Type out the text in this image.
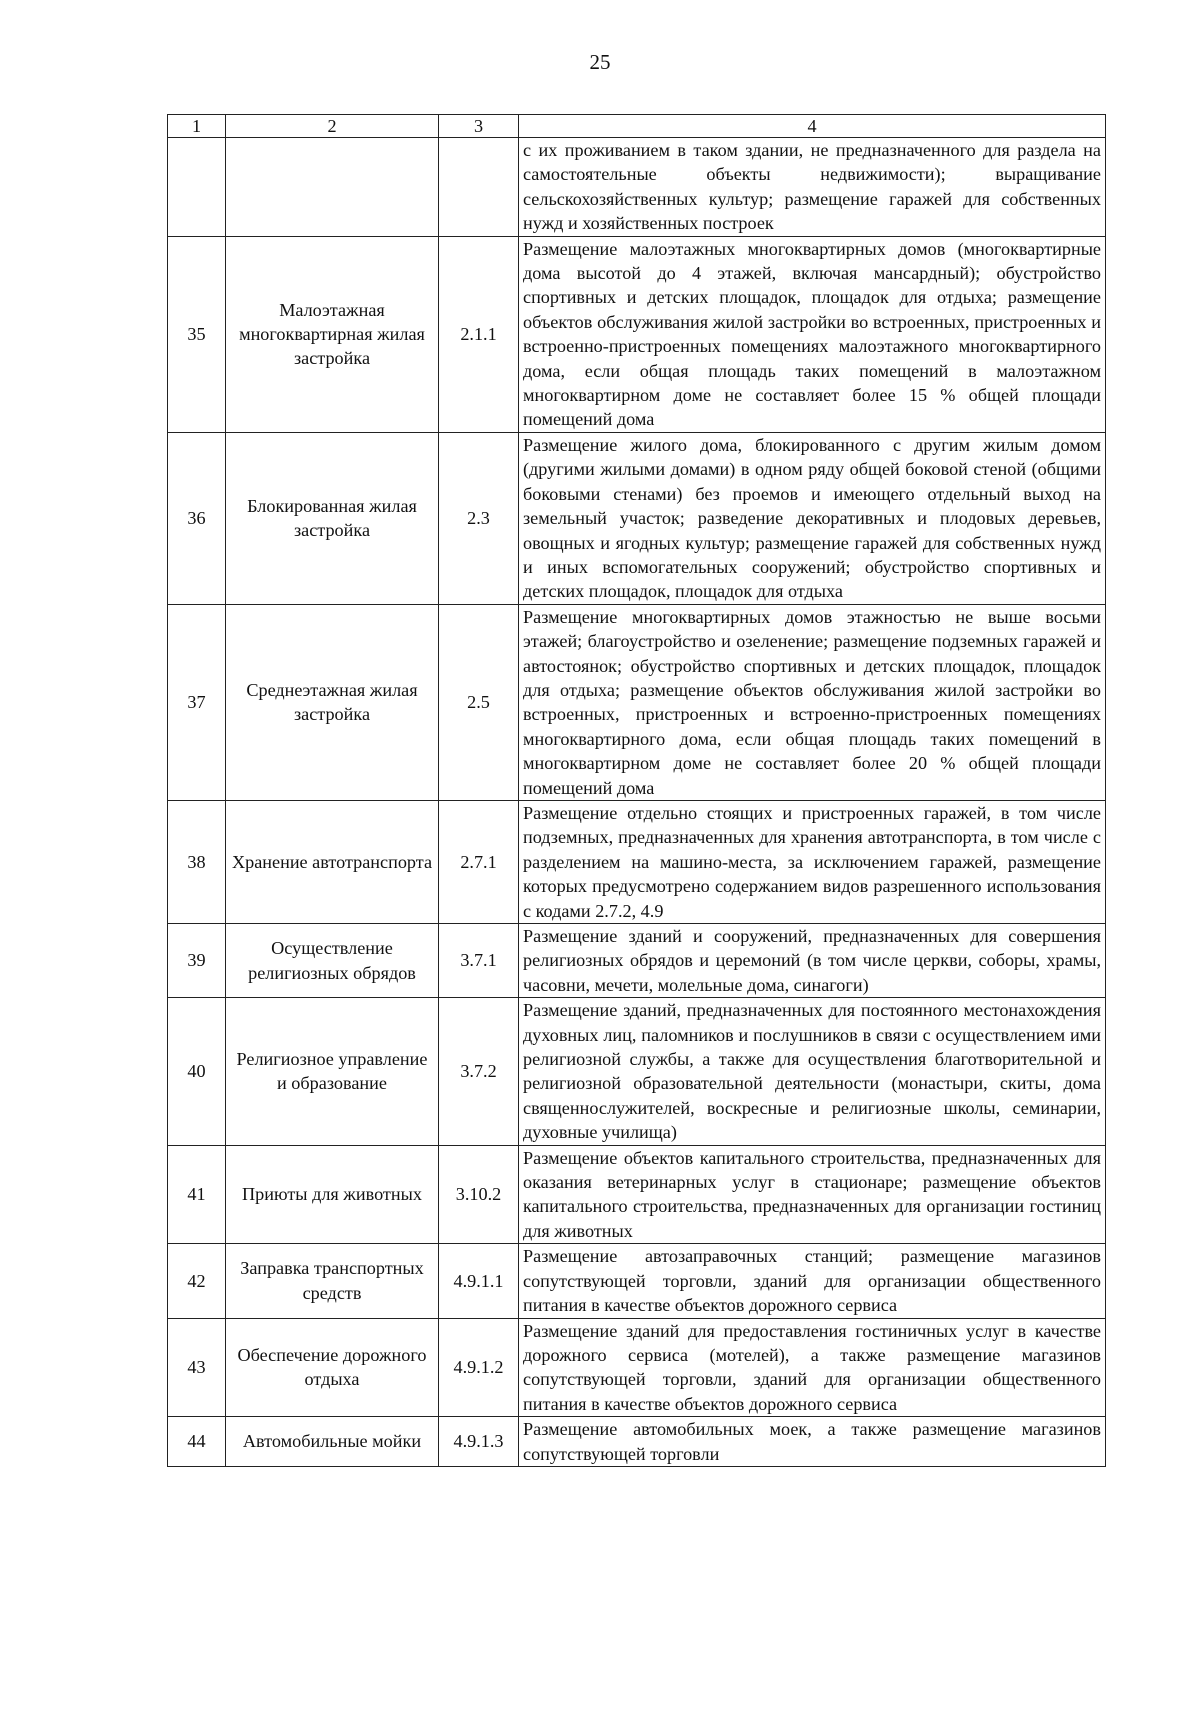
25
1	2	3	4
			с их проживанием в таком здании, не предназначенного для раздела на самостоятельные объекты недвижимости); выращивание сельскохозяйственных культур; размещение гаражей для собственных нужд и хозяйственных построек
35	Малоэтажная многоквартирная жилая застройка	2.1.1	Размещение малоэтажных многоквартирных домов (многоквартирные дома высотой до 4 этажей, включая мансардный); обустройство спортивных и детских площадок, площадок для отдыха; размещение объектов обслуживания жилой застройки во встроенных, пристроенных и встроенно-пристроенных помещениях малоэтажного многоквартирного дома, если общая площадь таких помещений в малоэтажном многоквартирном доме не составляет более 15 % общей площади помещений дома
36	Блокированная жилая застройка	2.3	Размещение жилого дома, блокированного с другим жилым домом (другими жилыми домами) в одном ряду общей боковой стеной (общими боковыми стенами) без проемов и имеющего отдельный выход на земельный участок; разведение декоративных и плодовых деревьев, овощных и ягодных культур; размещение гаражей для собственных нужд и иных вспомогательных сооружений; обустройство спортивных и детских площадок, площадок для отдыха
37	Среднеэтажная жилая застройка	2.5	Размещение многоквартирных домов этажностью не выше восьми этажей; благоустройство и озеленение; размещение подземных гаражей и автостоянок; обустройство спортивных и детских площадок, площадок для отдыха; размещение объектов обслуживания жилой застройки во встроенных, пристроенных и встроенно-пристроенных помещениях многоквартирного дома, если общая площадь таких помещений в многоквартирном доме не составляет более 20 % общей площади помещений дома
38	Хранение автотранспорта	2.7.1	Размещение отдельно стоящих и пристроенных гаражей, в том числе подземных, предназначенных для хранения автотранспорта, в том числе с разделением на машино-места, за исключением гаражей, размещение которых предусмотрено содержанием видов разрешенного использования с кодами 2.7.2, 4.9
39	Осуществление религиозных обрядов	3.7.1	Размещение зданий и сооружений, предназначенных для совершения религиозных обрядов и церемоний (в том числе церкви, соборы, храмы, часовни, мечети, молельные дома, синагоги)
40	Религиозное управление и образование	3.7.2	Размещение зданий, предназначенных для постоянного местонахождения духовных лиц, паломников и послушников в связи с осуществлением ими религиозной службы, а также для осуществления благотворительной и религиозной образовательной деятельности (монастыри, скиты, дома священнослужителей, воскресные и религиозные школы, семинарии, духовные училища)
41	Приюты для животных	3.10.2	Размещение объектов капитального строительства, предназначенных для оказания ветеринарных услуг в стационаре; размещение объектов капитального строительства, предназначенных для организации гостиниц для животных
42	Заправка транспортных средств	4.9.1.1	Размещение автозаправочных станций; размещение магазинов сопутствующей торговли, зданий для организации общественного питания в качестве объектов дорожного сервиса
43	Обеспечение дорожного отдыха	4.9.1.2	Размещение зданий для предоставления гостиничных услуг в качестве дорожного сервиса (мотелей), а также размещение магазинов сопутствующей торговли, зданий для организации общественного питания в качестве объектов дорожного сервиса
44	Автомобильные мойки	4.9.1.3	Размещение автомобильных моек, а также размещение магазинов сопутствующей торговли
